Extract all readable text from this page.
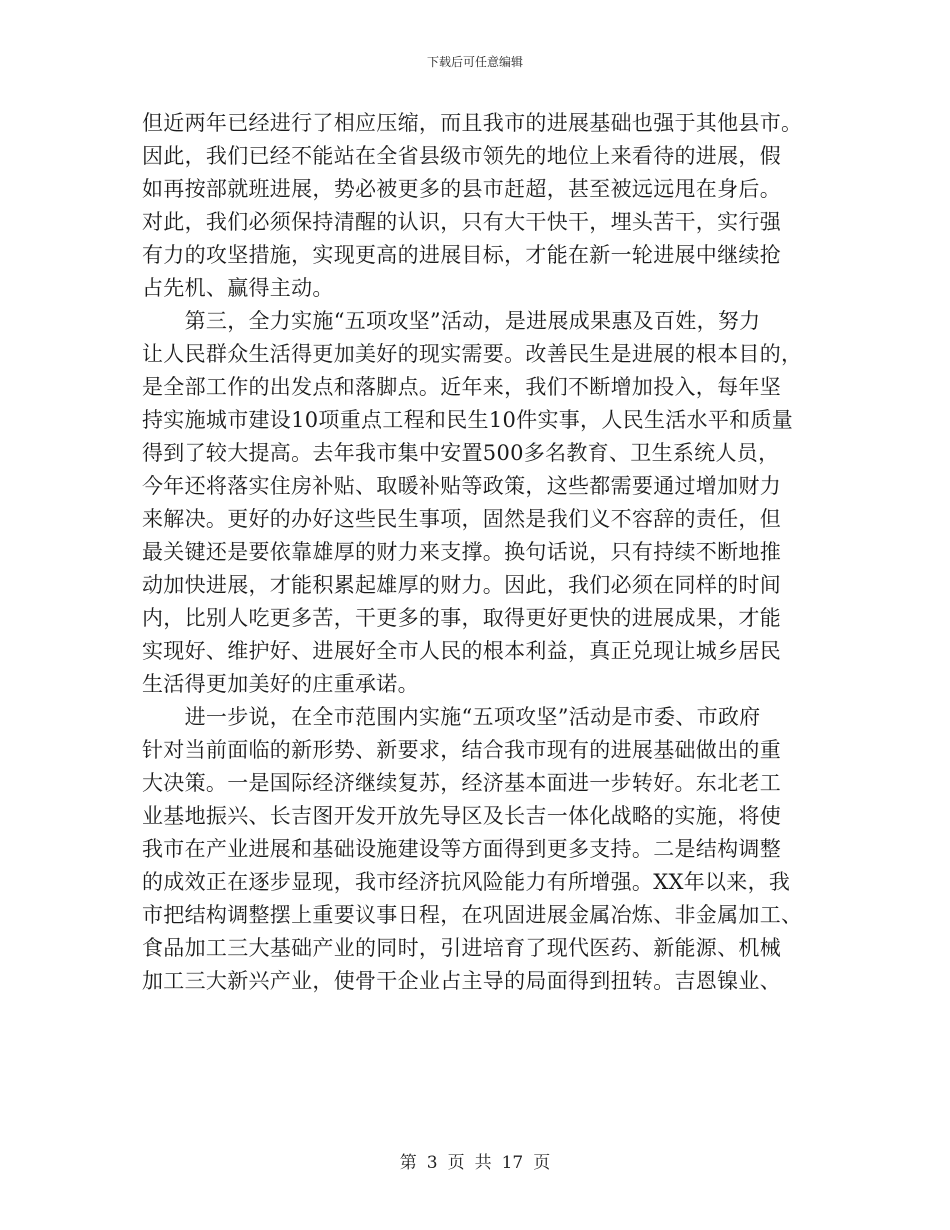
下载后可任意编辑

但近两年已经进行了相应压缩，而且我市的进展基础也强于其他县市。
因此，我们已经不能站在全省县级市领先的地位上来看待的进展，假
如再按部就班进展，势必被更多的县市赶超，甚至被远远甩在身后。
对此，我们必须保持清醒的认识，只有大干快干，埋头苦干，实行强
有力的攻坚措施，实现更高的进展目标，才能在新一轮进展中继续抢
占先机、赢得主动。

　　第三，全力实施“五项攻坚”活动，是进展成果惠及百姓，努力
让人民群众生活得更加美好的现实需要。改善民生是进展的根本目的，
是全部工作的出发点和落脚点。近年来，我们不断增加投入，每年坚
持实施城市建设10项重点工程和民生10件实事，人民生活水平和质量
得到了较大提高。去年我市集中安置500多名教育、卫生系统人员，
今年还将落实住房补贴、取暖补贴等政策，这些都需要通过增加财力
来解决。更好的办好这些民生事项，固然是我们义不容辞的责任，但
最关键还是要依靠雄厚的财力来支撑。换句话说，只有持续不断地推
动加快进展，才能积累起雄厚的财力。因此，我们必须在同样的时间
内，比别人吃更多苦，干更多的事，取得更好更快的进展成果，才能
实现好、维护好、进展好全市人民的根本利益，真正兑现让城乡居民
生活得更加美好的庄重承诺。

　　进一步说，在全市范围内实施“五项攻坚”活动是市委、市政府
针对当前面临的新形势、新要求，结合我市现有的进展基础做出的重
大决策。一是国际经济继续复苏，经济基本面进一步转好。东北老工
业基地振兴、长吉图开发开放先导区及长吉一体化战略的实施，将使
我市在产业进展和基础设施建设等方面得到更多支持。二是结构调整
的成效正在逐步显现，我市经济抗风险能力有所增强。XX年以来，我
市把结构调整摆上重要议事日程，在巩固进展金属冶炼、非金属加工、
食品加工三大基础产业的同时，引进培育了现代医药、新能源、机械
加工三大新兴产业，使骨干企业占主导的局面得到扭转。吉恩镍业、

第 3 页 共 17 页
